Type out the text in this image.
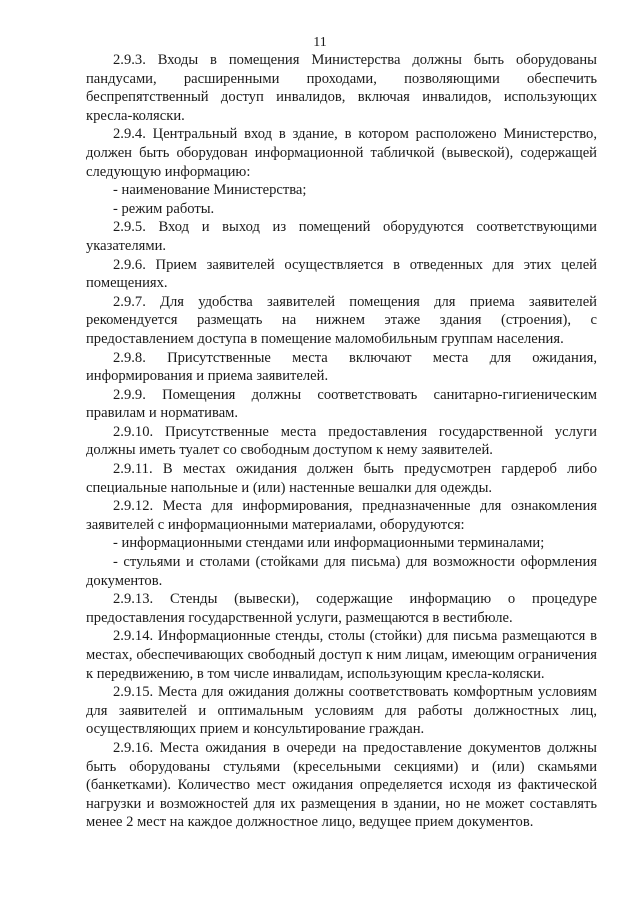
11

2.9.3. Входы в помещения Министерства должны быть оборудованы пандусами, расширенными проходами, позволяющими обеспечить беспрепятственный доступ инвалидов, включая инвалидов, использующих кресла-коляски.

2.9.4. Центральный вход в здание, в котором расположено Министерство, должен быть оборудован информационной табличкой (вывеской), содержащей следующую информацию:

- наименование Министерства;

- режим работы.

2.9.5. Вход и выход из помещений оборудуются соответствующими указателями.

2.9.6. Прием заявителей осуществляется в отведенных для этих целей помещениях.

2.9.7. Для удобства заявителей помещения для приема заявителей рекомендуется размещать на нижнем этаже здания (строения), с предоставлением доступа в помещение маломобильным группам населения.

2.9.8. Присутственные места включают места для ожидания, информирования и приема заявителей.

2.9.9. Помещения должны соответствовать санитарно-гигиеническим правилам и нормативам.

2.9.10. Присутственные места предоставления государственной услуги должны иметь туалет со свободным доступом к нему заявителей.

2.9.11. В местах ожидания должен быть предусмотрен гардероб либо специальные напольные и (или) настенные вешалки для одежды.

2.9.12. Места для информирования, предназначенные для ознакомления заявителей с информационными материалами, оборудуются:

- информационными стендами или информационными терминалами;

- стульями и столами (стойками для письма) для возможности оформления документов.

2.9.13. Стенды (вывески), содержащие информацию о процедуре предоставления государственной услуги, размещаются в вестибюле.

2.9.14. Информационные стенды, столы (стойки) для письма размещаются в местах, обеспечивающих свободный доступ к ним лицам, имеющим ограничения к передвижению, в том числе инвалидам, использующим кресла-коляски.

2.9.15. Места для ожидания должны соответствовать комфортным условиям для заявителей и оптимальным условиям для работы должностных лиц, осуществляющих прием и консультирование граждан.

2.9.16. Места ожидания в очереди на предоставление документов должны быть оборудованы стульями (кресельными секциями) и (или) скамьями (банкетками). Количество мест ожидания определяется исходя из фактической нагрузки и возможностей для их размещения в здании, но не может составлять менее 2 мест на каждое должностное лицо, ведущее прием документов.
